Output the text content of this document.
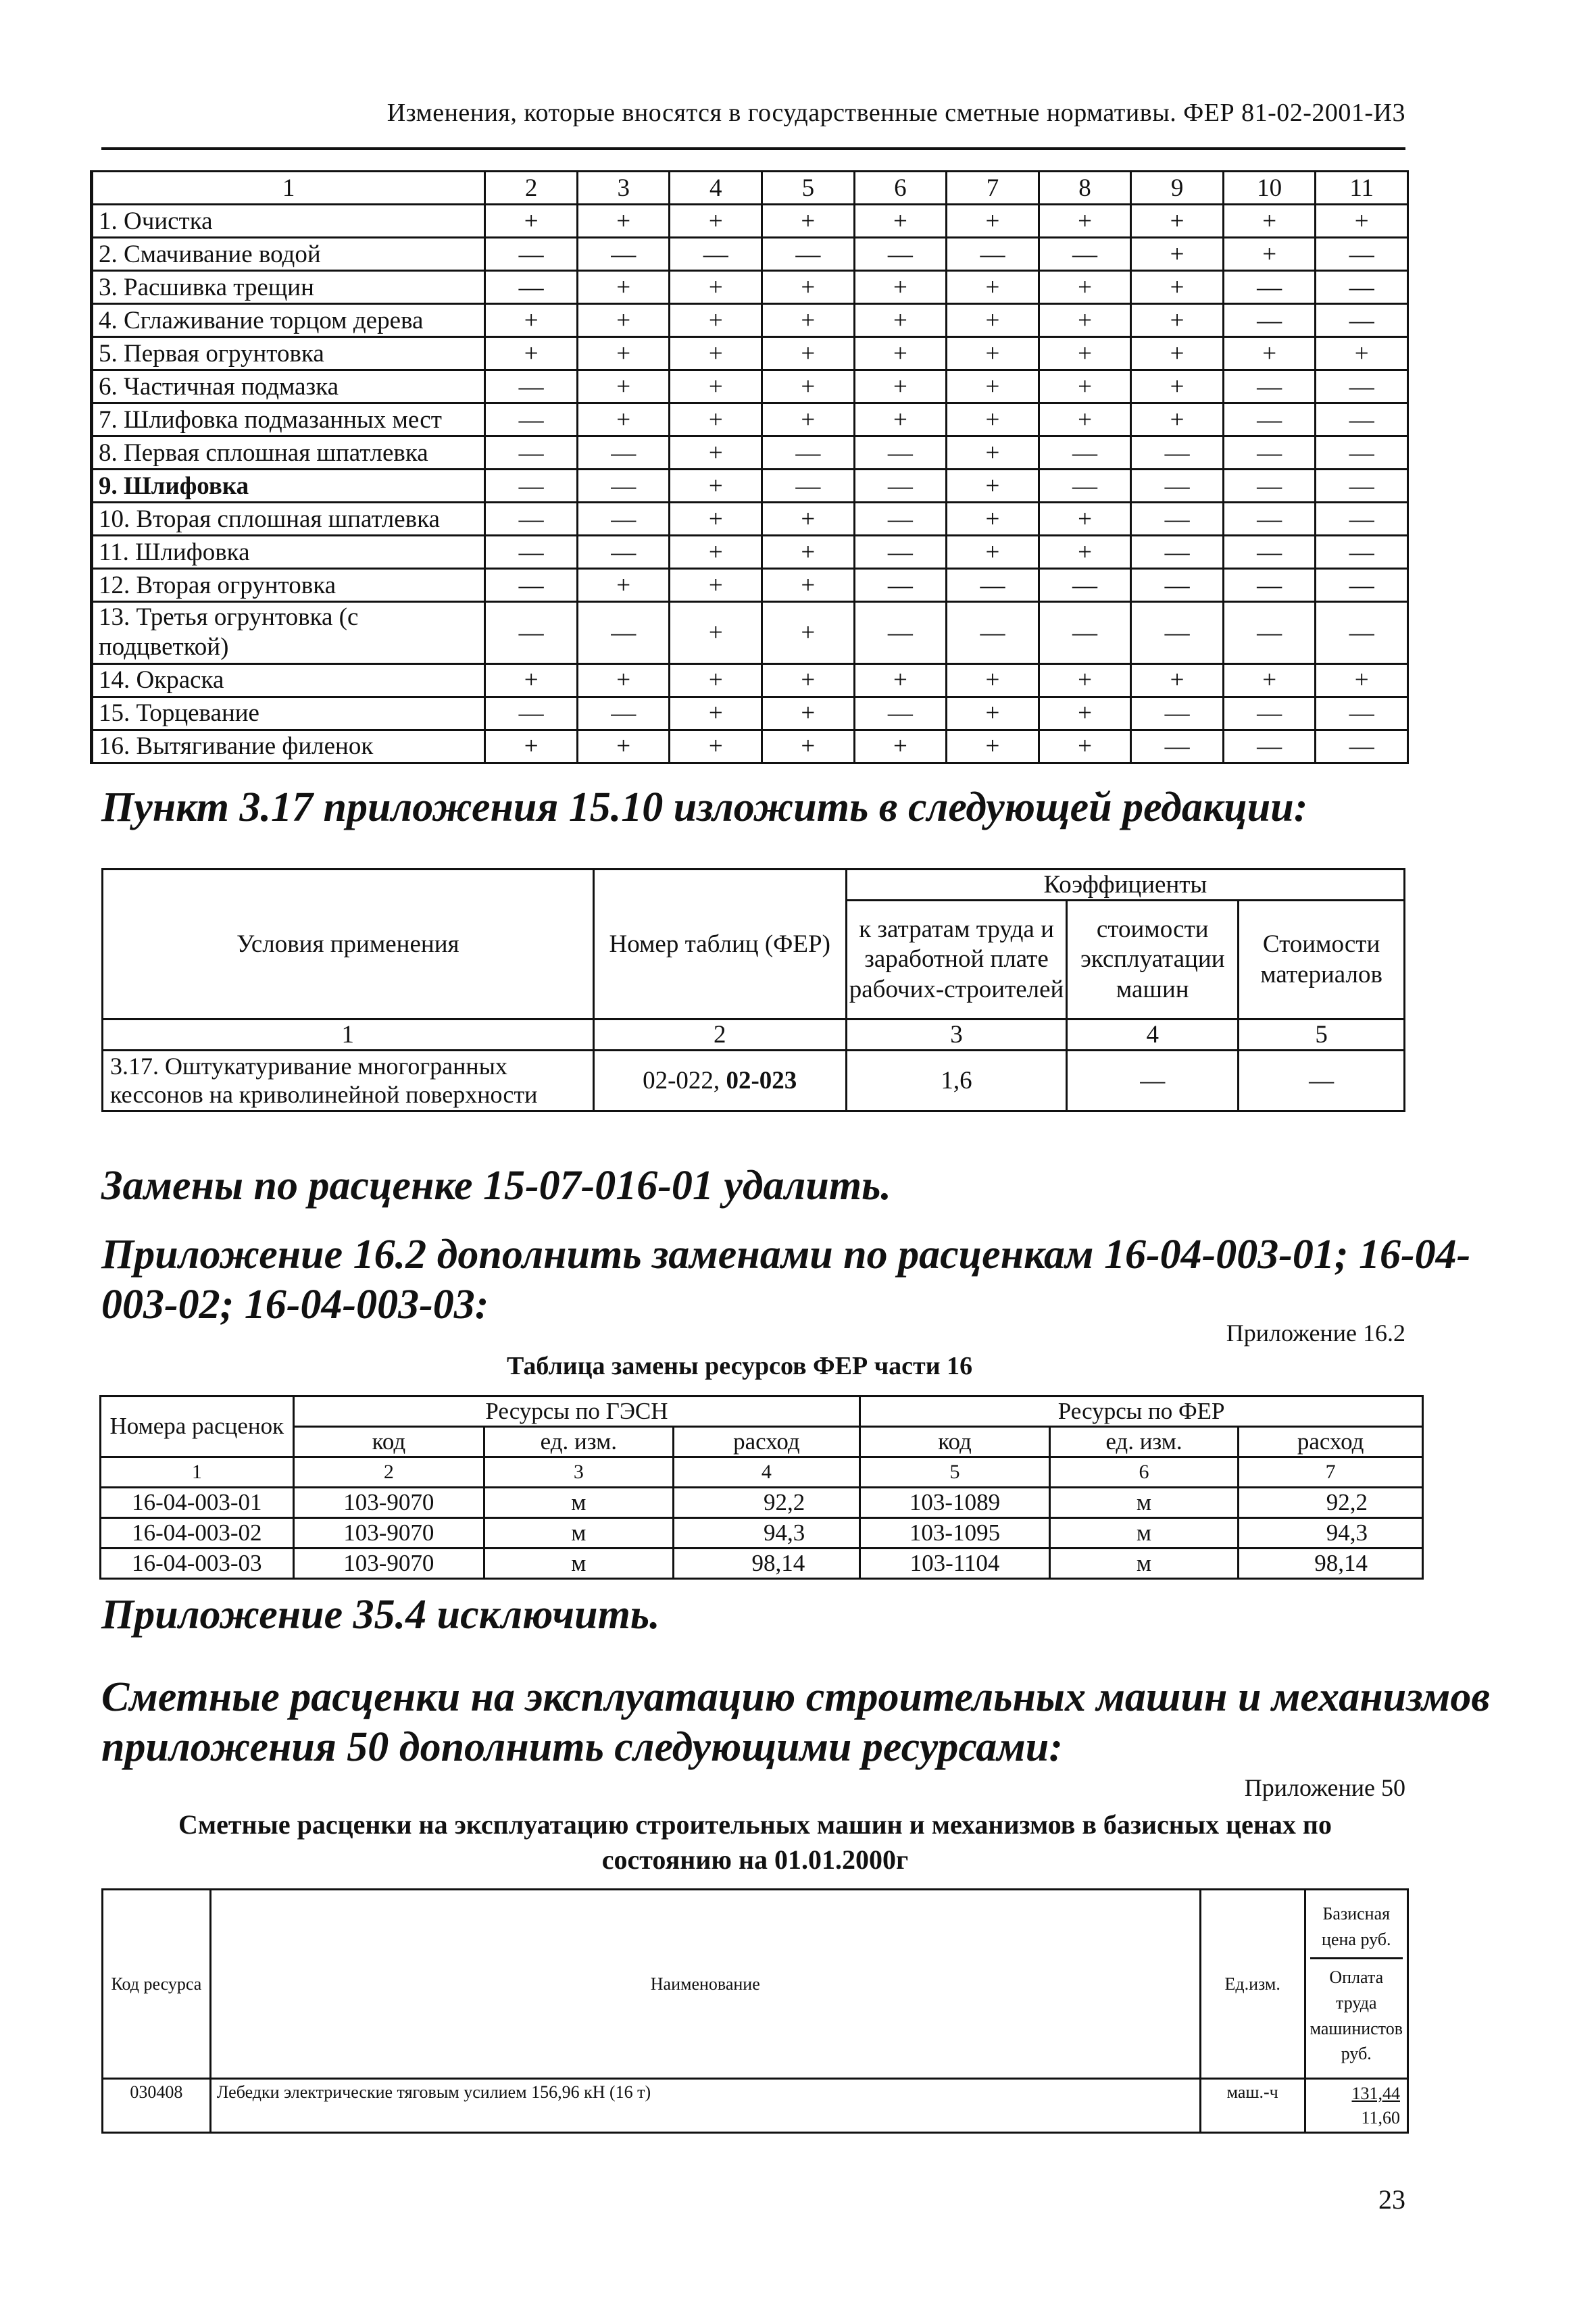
Изменения, которые вносятся в государственные сметные нормативы. ФЕР 81-02-2001-И3
1	2	3	4	5	6	7	8	9	10	11
1. Очистка	+	+	+	+	+	+	+	+	+	+
2. Смачивание водой	—	—	—	—	—	—	—	+	+	—
3. Расшивка трещин	—	+	+	+	+	+	+	+	—	—
4. Сглаживание торцом дерева	+	+	+	+	+	+	+	+	—	—
5. Первая огрунтовка	+	+	+	+	+	+	+	+	+	+
6. Частичная подмазка	—	+	+	+	+	+	+	+	—	—
7. Шлифовка подмазанных мест	—	+	+	+	+	+	+	+	—	—
8. Первая сплошная шпатлевка	—	—	+	—	—	+	—	—	—	—
9. Шлифовка	—	—	+	—	—	+	—	—	—	—
10. Вторая сплошная шпатлевка	—	—	+	+	—	+	+	—	—	—
11. Шлифовка	—	—	+	+	—	+	+	—	—	—
12. Вторая огрунтовка	—	+	+	+	—	—	—	—	—	—
13. Третья огрунтовка (с подцветкой)	—	—	+	+	—	—	—	—	—	—
14. Окраска	+	+	+	+	+	+	+	+	+	+
15. Торцевание	—	—	+	+	—	+	+	—	—	—
16. Вытягивание филенок	+	+	+	+	+	+	+	—	—	—
Пункт 3.17 приложения 15.10 изложить в следующей редакции:
Условия применения	Номер таблиц (ФЕР)	Коэффициенты		
		к затратам труда и заработной плате рабочих-строителей	стоимости эксплуатации машин	Стоимости материалов
1	2	3	4	5
3.17. Оштукатуривание многогранных кессонов на криволинейной поверхности	02-022, 02-023	1,6	—	—
Замены по расценке 15-07-016-01 удалить.
Приложение 16.2 дополнить заменами по расценкам 16-04-003-01; 16-04-
003-02; 16-04-003-03:
Приложение 16.2
Таблица замены ресурсов ФЕР части 16
Номера расценок	Ресурсы по ГЭСН			Ресурсы по ФЕР		
	код	ед. изм.	расход	код	ед. изм.	расход
1	2	3	4	5	6	7
16-04-003-01	103-9070	м	92,2	103-1089	м	92,2
16-04-003-02	103-9070	м	94,3	103-1095	м	94,3
16-04-003-03	103-9070	м	98,14	103-1104	м	98,14
Приложение 35.4 исключить.
Сметные расценки на эксплуатацию строительных машин и механизмов
приложения 50 дополнить следующими ресурсами:
Приложение 50
Сметные расценки на эксплуатацию строительных машин и механизмов в базисных ценах по
состоянию на 01.01.2000г
Код ресурса	Наименование	Ед.изм.	Базисная цена руб.
Оплата труда машинистов руб.

030408	Лебедки электрические тяговым усилием 156,96 кН (16 т)	маш.-ч	131,44
11,60
23
